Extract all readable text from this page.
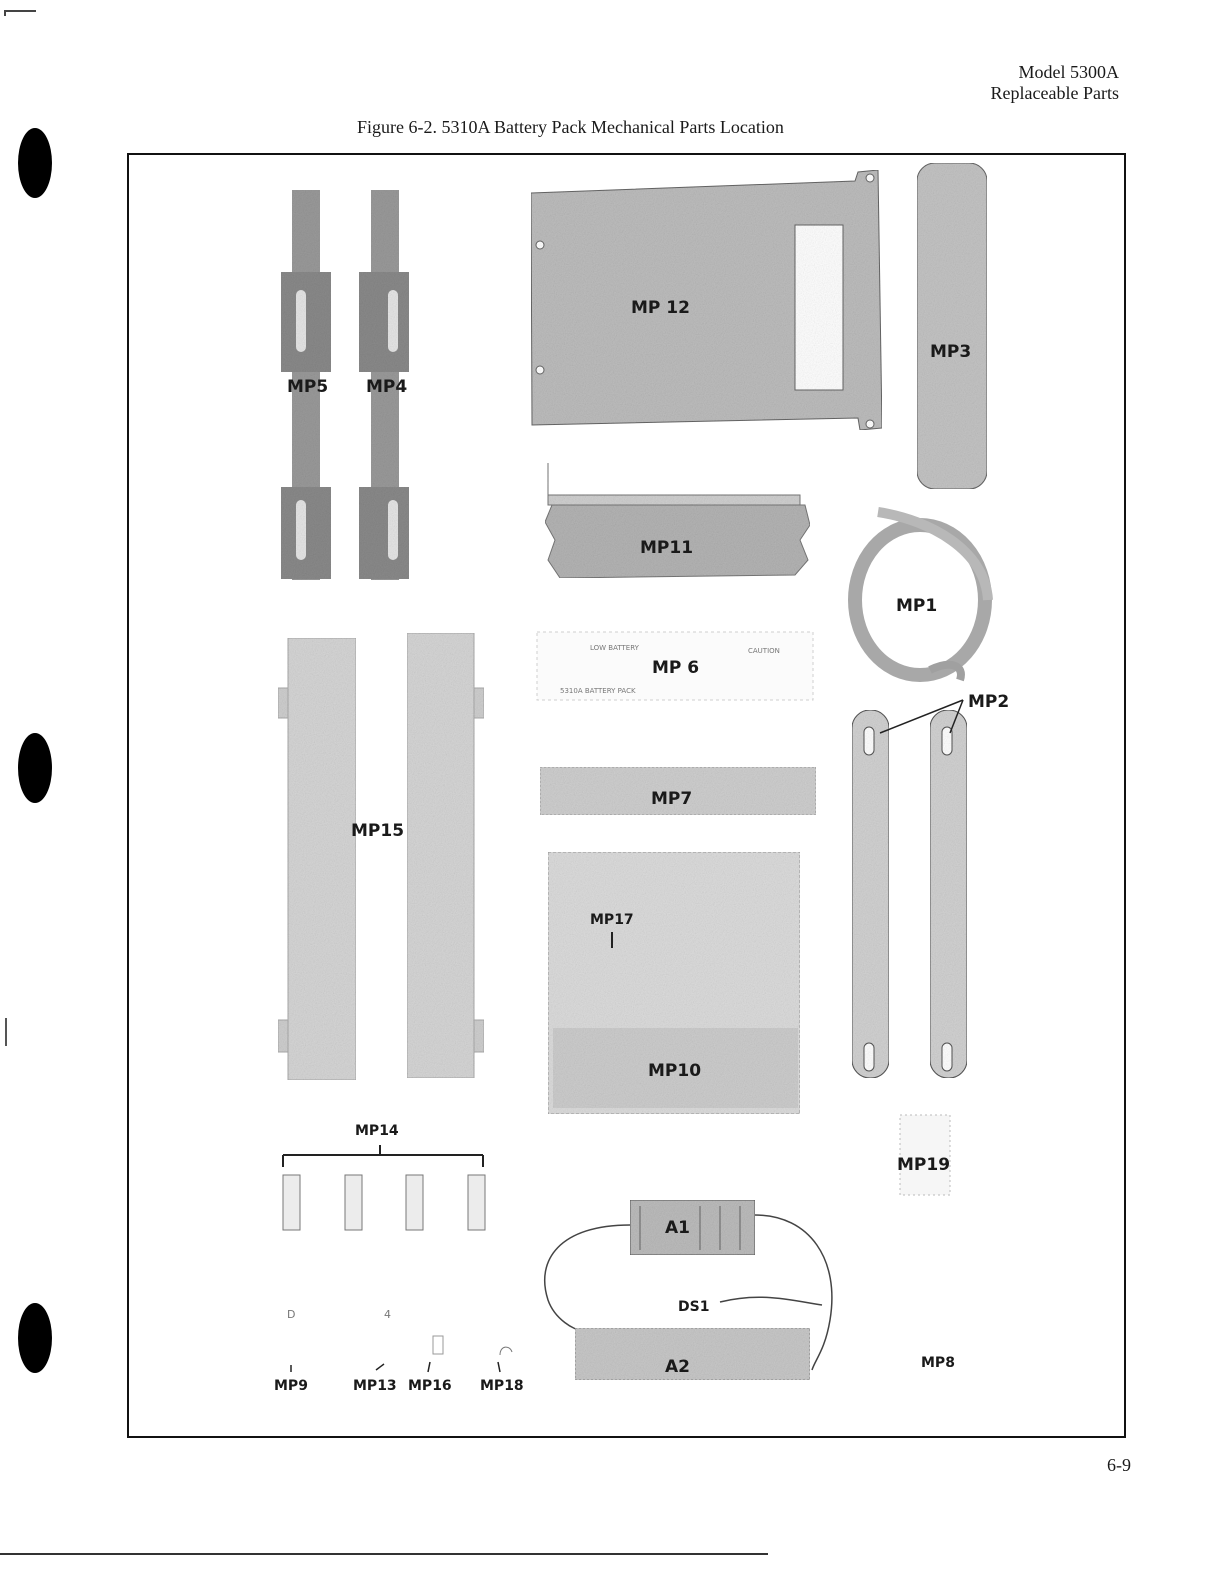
Model 5300A
Replaceable Parts
Figure 6-2. 5310A Battery Pack Mechanical Parts Location
LOW BATTERY
5310A BATTERY PACK
CAUTION
D	4
MP5 MP4
MP 12
MP3
MP11
MP1
MP2
MP 6
MP7
MP15
MP17
MP10
MP14
MP19
A1
DS1
A2	MP8
MP9	MP13 MP16 MP18
6-9
